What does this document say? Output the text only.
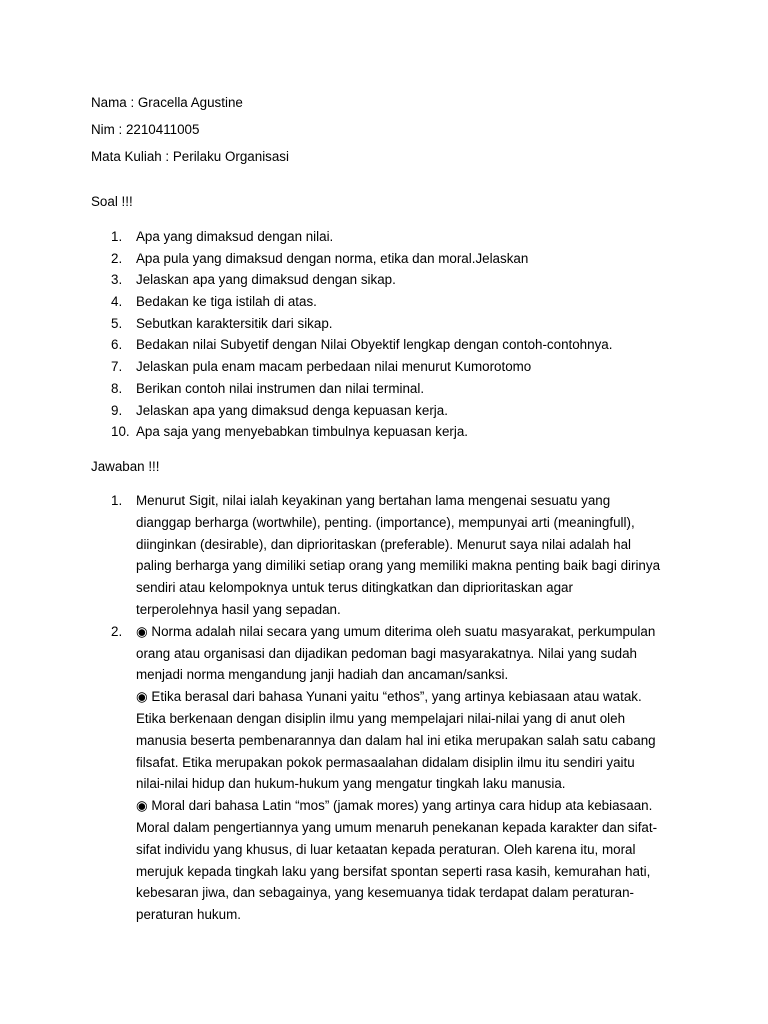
Nama : Gracella Agustine
Nim : 2210411005
Mata Kuliah : Perilaku Organisasi
Soal !!!
1.	Apa yang dimaksud dengan nilai.
2.	Apa pula yang dimaksud dengan norma, etika dan moral.Jelaskan
3.	Jelaskan apa yang dimaksud dengan sikap.
4.	Bedakan ke tiga istilah di atas.
5.	Sebutkan karaktersitik dari sikap.
6.	Bedakan nilai Subyetif dengan Nilai Obyektif lengkap dengan contoh-contohnya.
7.	Jelaskan pula enam macam perbedaan nilai menurut Kumorotomo
8.	Berikan contoh nilai instrumen dan nilai terminal.
9.	Jelaskan apa yang dimaksud denga kepuasan kerja.
10. Apa saja yang menyebabkan timbulnya kepuasan kerja.
Jawaban !!!
1.	Menurut Sigit, nilai ialah keyakinan yang bertahan lama mengenai sesuatu yang
dianggap berharga (wortwhile), penting. (importance), mempunyai arti (meaningfull),
diinginkan (desirable), dan diprioritaskan (preferable). Menurut saya nilai adalah hal
paling berharga yang dimiliki setiap orang yang memiliki makna penting baik bagi dirinya
sendiri atau kelompoknya untuk terus ditingkatkan dan diprioritaskan agar
terperolehnya hasil yang sepadan.
2.	◉ Norma adalah nilai secara yang umum diterima oleh suatu masyarakat, perkumpulan
orang atau organisasi dan dijadikan pedoman bagi masyarakatnya. Nilai yang sudah
menjadi norma mengandung janji hadiah dan ancaman/sanksi.
◉ Etika berasal dari bahasa Yunani yaitu “ethos”, yang artinya kebiasaan atau watak.
Etika berkenaan dengan disiplin ilmu yang mempelajari nilai-nilai yang di anut oleh
manusia beserta pembenarannya dan dalam hal ini etika merupakan salah satu cabang
filsafat. Etika merupakan pokok permasaalahan didalam disiplin ilmu itu sendiri yaitu
nilai-nilai hidup dan hukum-hukum yang mengatur tingkah laku manusia.
◉ Moral dari bahasa Latin “mos” (jamak mores) yang artinya cara hidup ata kebiasaan.
Moral dalam pengertiannya yang umum menaruh penekanan kepada karakter dan sifat-
sifat individu yang khusus, di luar ketaatan kepada peraturan. Oleh karena itu, moral
merujuk kepada tingkah laku yang bersifat spontan seperti rasa kasih, kemurahan hati,
kebesaran jiwa, dan sebagainya, yang kesemuanya tidak terdapat dalam peraturan-
peraturan hukum.
